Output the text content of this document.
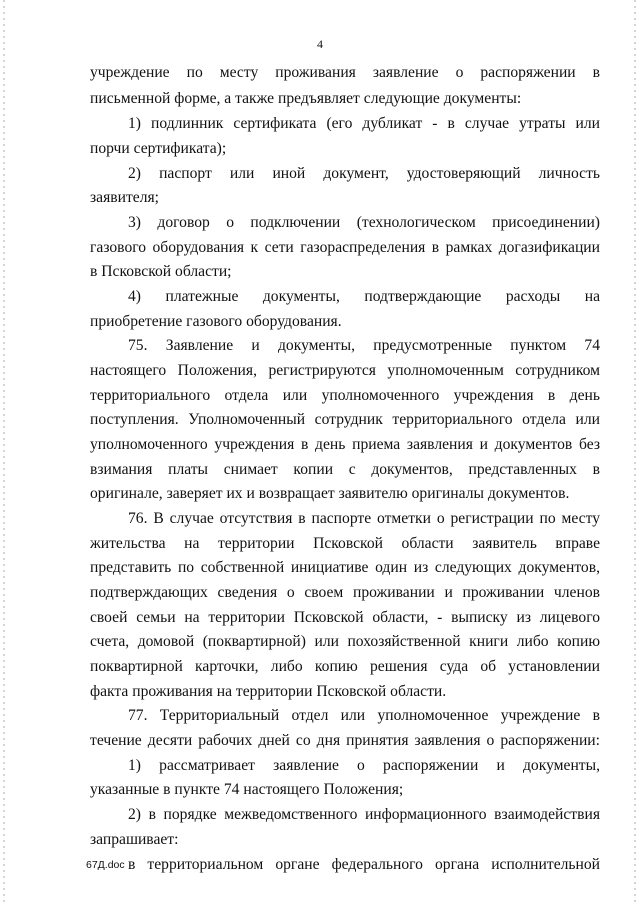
4
учреждение по месту проживания заявление о распоряжении в
письменной форме, а также предъявляет следующие документы:
1) подлинник сертификата (его дубликат - в случае утраты или
порчи сертификата);
2) паспорт или иной документ, удостоверяющий личность
заявителя;
3) договор о подключении (технологическом присоединении)
газового оборудования к сети газораспределения в рамках догазификации
в Псковской области;
4) платежные документы, подтверждающие расходы на
приобретение газового оборудования.
75. Заявление и документы, предусмотренные пунктом 74
настоящего Положения, регистрируются уполномоченным сотрудником
территориального отдела или уполномоченного учреждения в день
поступления. Уполномоченный сотрудник территориального отдела или
уполномоченного учреждения в день приема заявления и документов без
взимания платы снимает копии с документов, представленных в
оригинале, заверяет их и возвращает заявителю оригиналы документов.
76. В случае отсутствия в паспорте отметки о регистрации по месту
жительства на территории Псковской области заявитель вправе
представить по собственной инициативе один из следующих документов,
подтверждающих сведения о своем проживании и проживании членов
своей семьи на территории Псковской области, - выписку из лицевого
счета, домовой (поквартирной) или похозяйственной книги либо копию
поквартирной карточки, либо копию решения суда об установлении
факта проживания на территории Псковской области.
77. Территориальный отдел или уполномоченное учреждение в
течение десяти рабочих дней со дня принятия заявления о распоряжении:
1) рассматривает заявление о распоряжении и документы,
указанные в пункте 74 настоящего Положения;
2) в порядке межведомственного информационного взаимодействия
запрашивает:
в территориальном органе федерального органа исполнительной
67Д.doc
